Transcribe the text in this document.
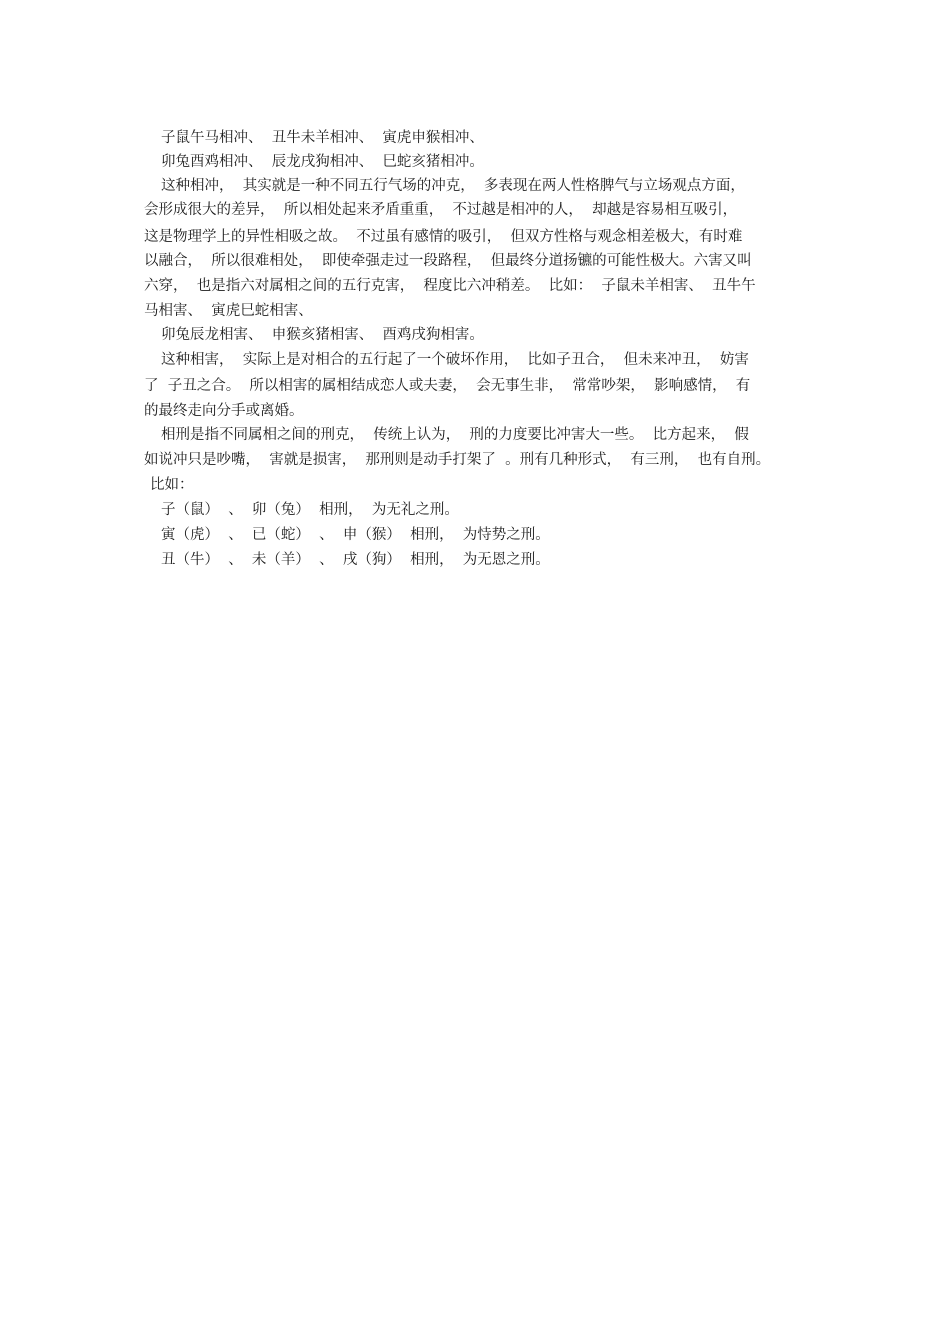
子鼠午马相冲、  丑牛未羊相冲、  寅虎申猴相冲、
卯兔酉鸡相冲、  辰龙戌狗相冲、  巳蛇亥猪相冲。
这种相冲，  其实就是一种不同五行气场的冲克，  多表现在两人性格脾气与立场观点方面，
会形成很大的差异，  所以相处起来矛盾重重，  不过越是相冲的人，  却越是容易相互吸引，
这是物理学上的异性相吸之故。  不过虽有感情的吸引，  但双方性格与观念相差极大，有时难
以融合，  所以很难相处，  即使牵强走过一段路程，  但最终分道扬镳的可能性极大。六害又叫
六穿，  也是指六对属相之间的五行克害，  程度比六冲稍差。  比如：  子鼠未羊相害、  丑牛午
马相害、  寅虎巳蛇相害、
卯兔辰龙相害、  申猴亥猪相害、  酉鸡戌狗相害。
这种相害，  实际上是对相合的五行起了一个破坏作用，  比如子丑合，  但未来冲丑，  妨害
了  子丑之合。  所以相害的属相结成恋人或夫妻，  会无事生非，  常常吵架，  影响感情，  有
的最终走向分手或离婚。
相刑是指不同属相之间的刑克，  传统上认为，  刑的力度要比冲害大一些。  比方起来，  假
如说冲只是吵嘴，  害就是损害，  那刑则是动手打架了  。刑有几种形式，  有三刑，  也有自刑。
比如：
子（鼠）  、  卯（兔）  相刑，  为无礼之刑。
寅（虎）  、  已（蛇）  、  申（猴）  相刑，  为恃势之刑。
丑（牛）  、  未（羊）  、  戌（狗）  相刑，  为无恩之刑。
